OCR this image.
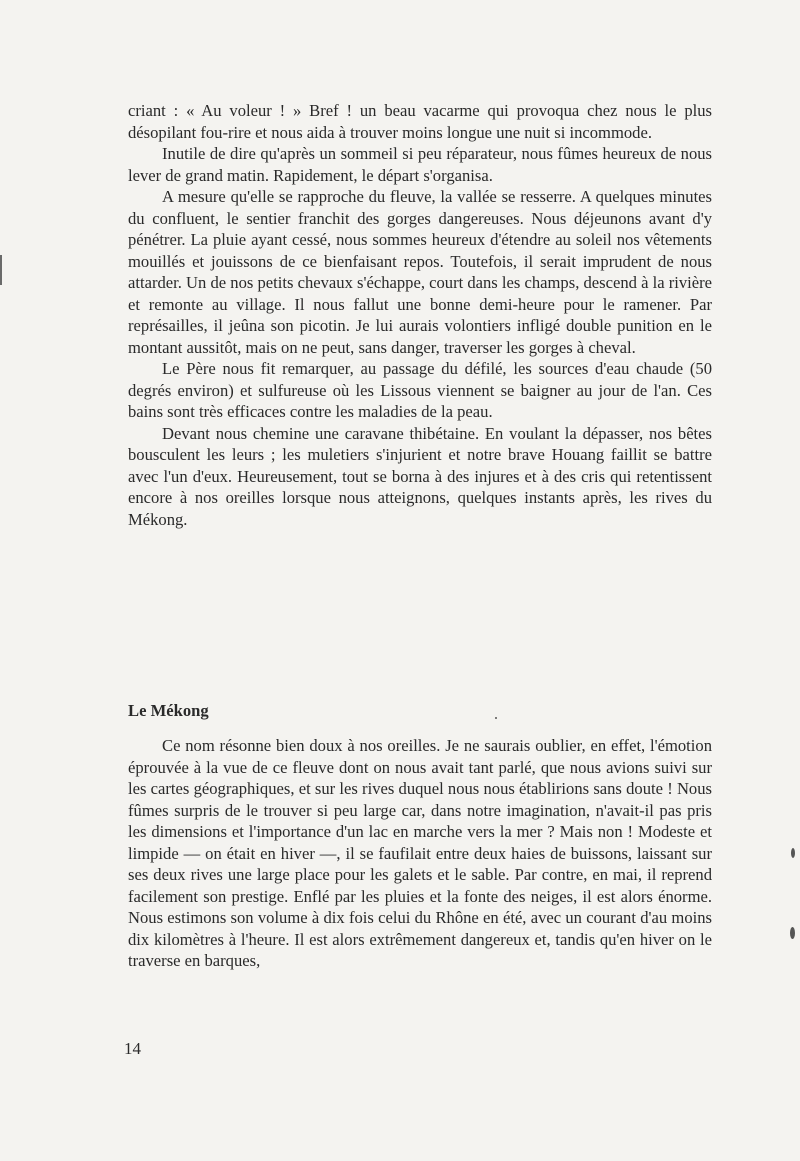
criant : « Au voleur ! » Bref ! un beau vacarme qui provoqua chez nous le plus désopilant fou-rire et nous aida à trouver moins longue une nuit si incommode.

Inutile de dire qu'après un sommeil si peu réparateur, nous fûmes heureux de nous lever de grand matin. Rapidement, le départ s'organisa.

A mesure qu'elle se rapproche du fleuve, la vallée se resserre. A quelques minutes du confluent, le sentier franchit des gorges dangereuses. Nous déjeunons avant d'y pénétrer. La pluie ayant cessé, nous sommes heureux d'étendre au soleil nos vêtements mouillés et jouissons de ce bienfaisant repos. Toutefois, il serait imprudent de nous attarder. Un de nos petits chevaux s'échappe, court dans les champs, descend à la rivière et remonte au village. Il nous fallut une bonne demi-heure pour le ramener. Par représailles, il jeûna son picotin. Je lui aurais volontiers infligé double punition en le montant aussitôt, mais on ne peut, sans danger, traverser les gorges à cheval.

Le Père nous fit remarquer, au passage du défilé, les sources d'eau chaude (50 degrés environ) et sulfureuse où les Lissous viennent se baigner au jour de l'an. Ces bains sont très efficaces contre les maladies de la peau.

Devant nous chemine une caravane thibétaine. En voulant la dépasser, nos bêtes bousculent les leurs ; les muletiers s'injurient et notre brave Houang faillit se battre avec l'un d'eux. Heureusement, tout se borna à des injures et à des cris qui retentissent encore à nos oreilles lorsque nous atteignons, quelques instants après, les rives du Mékong.

Le Mékong

Ce nom résonne bien doux à nos oreilles. Je ne saurais oublier, en effet, l'émotion éprouvée à la vue de ce fleuve dont on nous avait tant parlé, que nous avions suivi sur les cartes géographiques, et sur les rives duquel nous nous établirions sans doute ! Nous fûmes surpris de le trouver si peu large car, dans notre imagination, n'avait-il pas pris les dimensions et l'importance d'un lac en marche vers la mer ? Mais non ! Modeste et limpide — on était en hiver —, il se faufilait entre deux haies de buissons, laissant sur ses deux rives une large place pour les galets et le sable. Par contre, en mai, il reprend facilement son prestige. Enflé par les pluies et la fonte des neiges, il est alors énorme. Nous estimons son volume à dix fois celui du Rhône en été, avec un courant d'au moins dix kilomètres à l'heure. Il est alors extrêmement dangereux et, tandis qu'en hiver on le traverse en barques,

14
